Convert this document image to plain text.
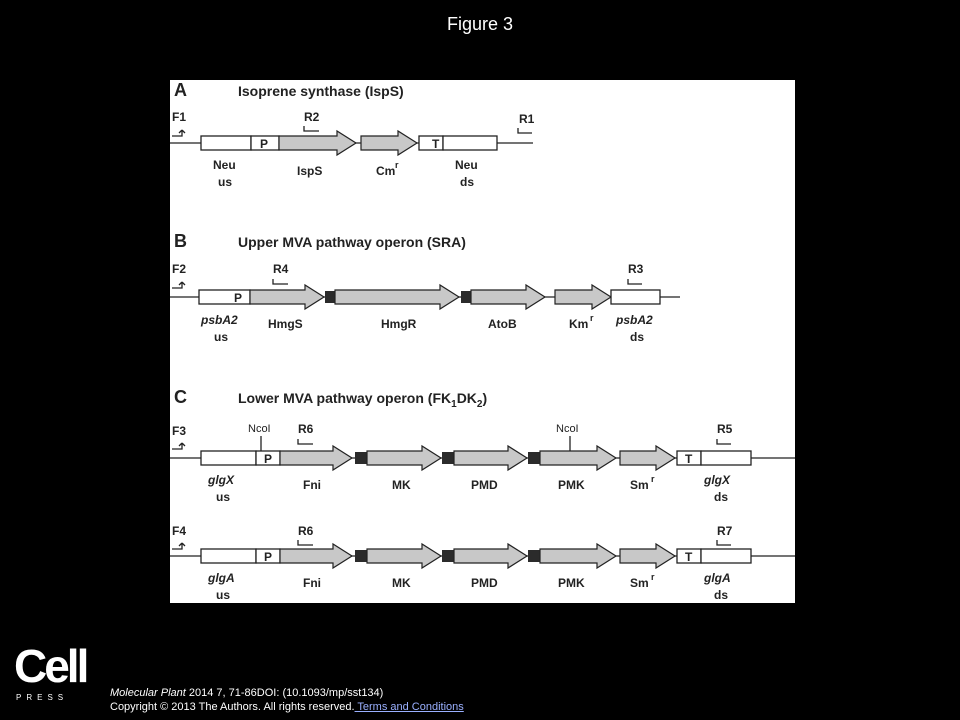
Figure 3
A	Isoprene synthase (IspS)
F1	R2	R1
P	T
Neu
us
IspS	Cm r	Neu
ds
B	Upper MVA pathway operon (SRA)
F2	R4	R3
P
psbA2
us
HmgS	HmgR	AtoB	Km r psbA2
ds
C	Lower MVA pathway operon $(FK_1DK_2)$
F3	NcoI R6	NcoI	R5
P	T
glgX
us
Fni	MK	PMD	PMK	Sm r	glgX
ds
F4	R6	R7
P	T
glgA
us
Fni	MK	PMD	PMK	Sm r	glgA
ds
Cell
PRESS	Molecular Plant 2014 7, 71-86DOI: (10.1093/mp/sst134)
Copyright © 2013 The Authors. All rights reserved. Terms and Conditions
